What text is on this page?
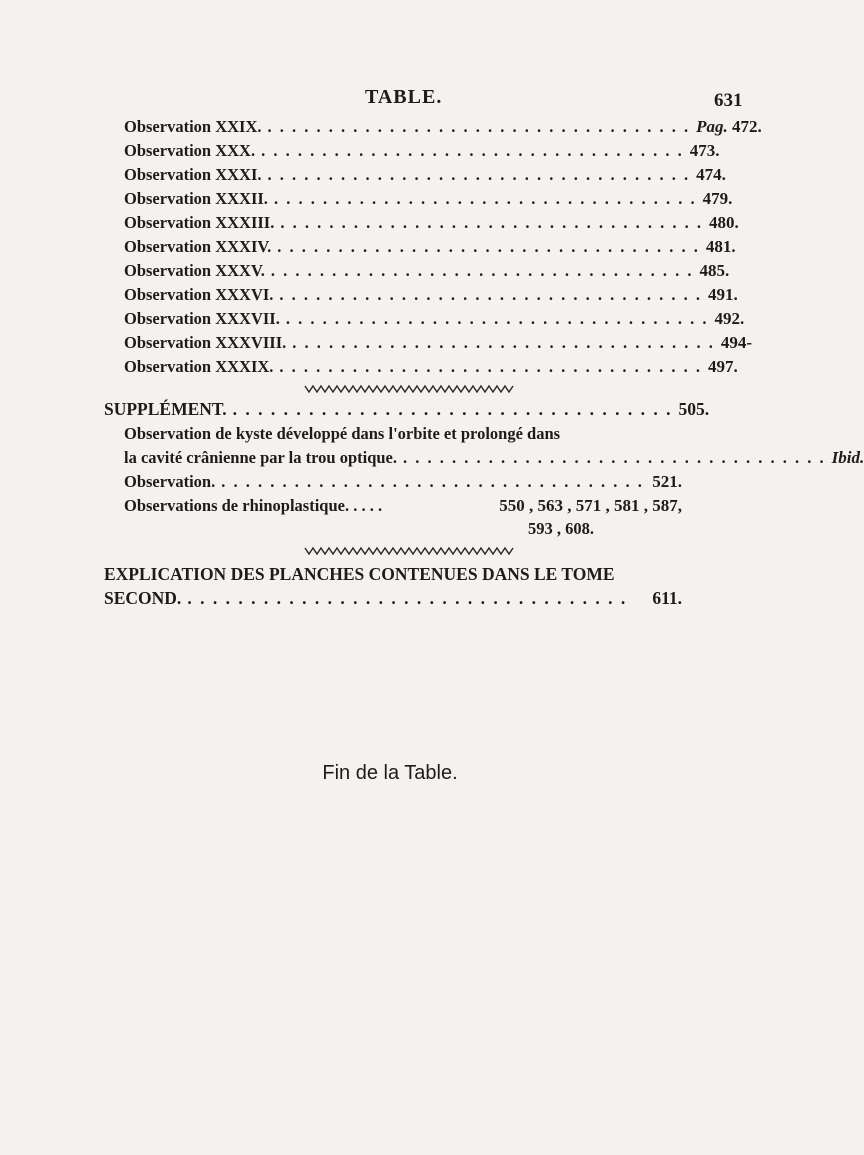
TABLE.	631
Observation XXIX. . . . . . . . . . . . . . . . . . . . . . . . . . . . . . . . . . . . Pag. 472.
Observation XXX. . . . . . . . . . . . . . . . . . . . . . . . . . . . . . . . . . . . 473.
Observation XXXI. . . . . . . . . . . . . . . . . . . . . . . . . . . . . . . . . . . . 474.
Observation XXXII. . . . . . . . . . . . . . . . . . . . . . . . . . . . . . . . . . . . 479.
Observation XXXIII. . . . . . . . . . . . . . . . . . . . . . . . . . . . . . . . . . . . 480.
Observation XXXIV. . . . . . . . . . . . . . . . . . . . . . . . . . . . . . . . . . . . 481.
Observation XXXV. . . . . . . . . . . . . . . . . . . . . . . . . . . . . . . . . . . . 485.
Observation XXXVI. . . . . . . . . . . . . . . . . . . . . . . . . . . . . . . . . . . . 491.
Observation XXXVII. . . . . . . . . . . . . . . . . . . . . . . . . . . . . . . . . . . . 492.
Observation XXXVIII. . . . . . . . . . . . . . . . . . . . . . . . . . . . . . . . . . . . 494-
Observation XXXIX. . . . . . . . . . . . . . . . . . . . . . . . . . . . . . . . . . . . 497.
SUPPLÉMENT. . . . . . . . . . . . . . . . . . . . . . . . . . . . . . . . . . . . 505.
Observation de kyste développé dans l'orbite et prolongé dans
la cavité crânienne par la trou optique. . . . . . . . . . . . . . . . . . . . . . . . . . . . . . . . . . . . Ibid.
Observation. . . . . . . . . . . . . . . . . . . . . . . . . . . . . . . . . . . . 521.
Observations de rhinoplastique. . . . .	550 , 563 , 571 , 581 , 587,
593 , 608.
EXPLICATION DES PLANCHES CONTENUES DANS LE TOME
SECOND. . . . . . . . . . . . . . . . . . . . . . . . . . . . . . . . . . . .	611.
Fin de la Table.
